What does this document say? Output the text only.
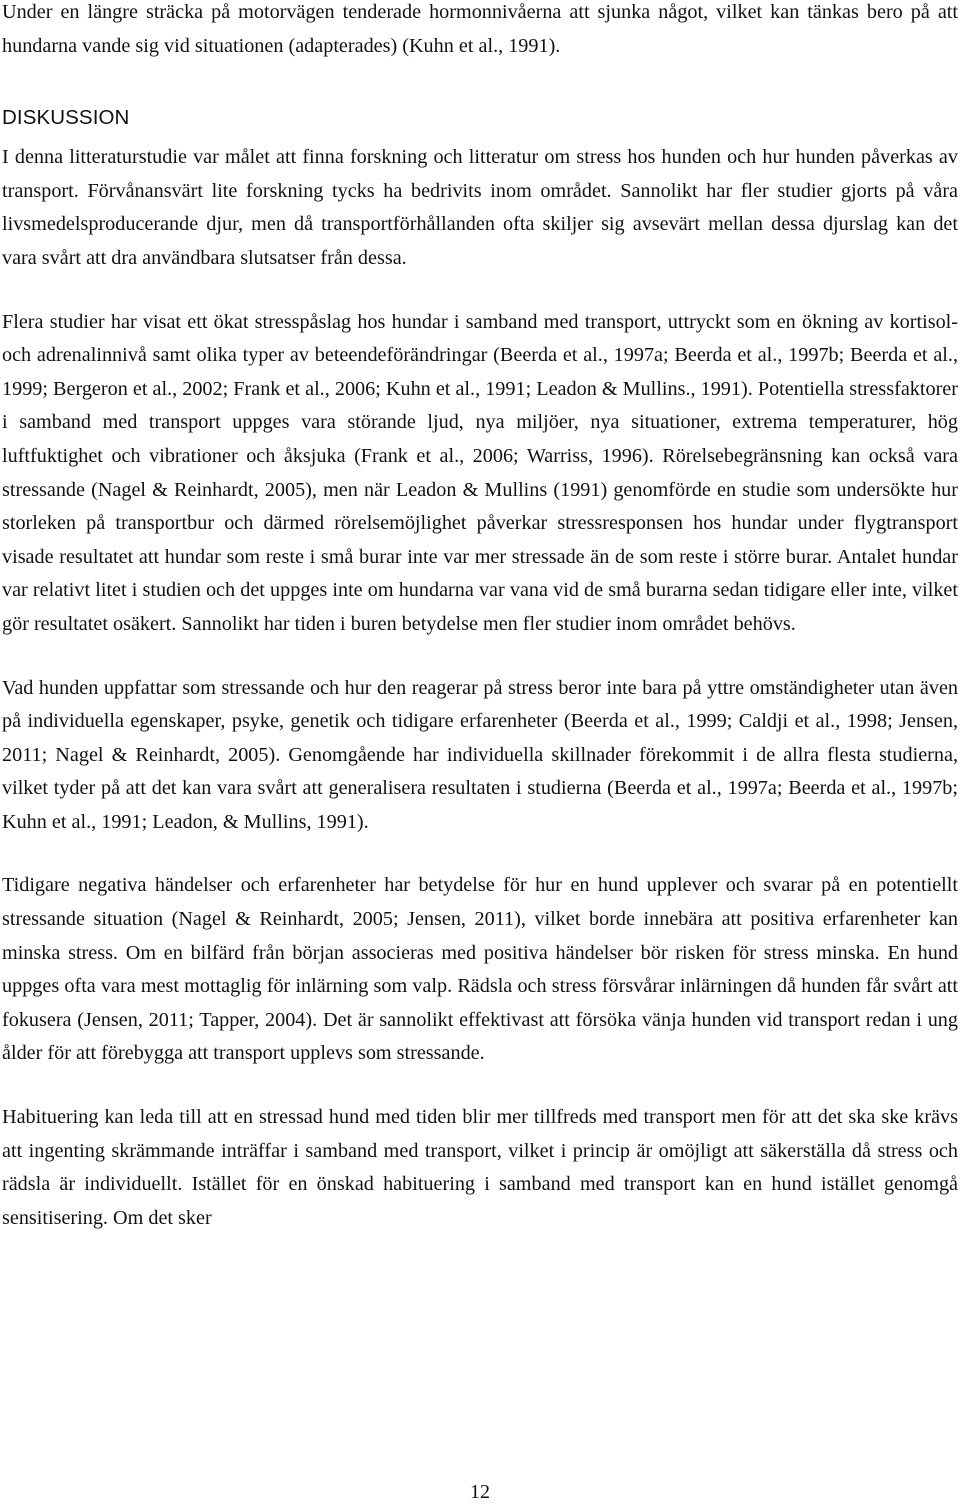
Under en längre sträcka på motorvägen tenderade hormonnivåerna att sjunka något, vilket kan tänkas bero på att hundarna vande sig vid situationen (adapterades) (Kuhn et al., 1991).

DISKUSSION

I denna litteraturstudie var målet att finna forskning och litteratur om stress hos hunden och hur hunden påverkas av transport. Förvånansvärt lite forskning tycks ha bedrivits inom området. Sannolikt har fler studier gjorts på våra livsmedelsproducerande djur, men då transportförhållanden ofta skiljer sig avsevärt mellan dessa djurslag kan det vara svårt att dra användbara slutsatser från dessa.

Flera studier har visat ett ökat stresspåslag hos hundar i samband med transport, uttryckt som en ökning av kortisol- och adrenalinnivå samt olika typer av beteendeförändringar (Beerda et al., 1997a; Beerda et al., 1997b; Beerda et al., 1999; Bergeron et al., 2002; Frank et al., 2006; Kuhn et al., 1991; Leadon & Mullins., 1991). Potentiella stressfaktorer i samband med transport uppges vara störande ljud, nya miljöer, nya situationer, extrema temperaturer, hög luftfuktighet och vibrationer och åksjuka (Frank et al., 2006; Warriss, 1996). Rörelsebegränsning kan också vara stressande (Nagel & Reinhardt, 2005), men när Leadon & Mullins (1991) genomförde en studie som undersökte hur storleken på transportbur och därmed rörelsemöjlighet påverkar stressresponsen hos hundar under flygtransport visade resultatet att hundar som reste i små burar inte var mer stressade än de som reste i större burar. Antalet hundar var relativt litet i studien och det uppges inte om hundarna var vana vid de små burarna sedan tidigare eller inte, vilket gör resultatet osäkert. Sannolikt har tiden i buren betydelse men fler studier inom området behövs.

Vad hunden uppfattar som stressande och hur den reagerar på stress beror inte bara på yttre omständigheter utan även på individuella egenskaper, psyke, genetik och tidigare erfarenheter (Beerda et al., 1999; Caldji et al., 1998; Jensen, 2011; Nagel & Reinhardt, 2005). Genomgående har individuella skillnader förekommit i de allra flesta studierna, vilket tyder på att det kan vara svårt att generalisera resultaten i studierna (Beerda et al., 1997a; Beerda et al., 1997b; Kuhn et al., 1991; Leadon, & Mullins, 1991).

Tidigare negativa händelser och erfarenheter har betydelse för hur en hund upplever och svarar på en potentiellt stressande situation (Nagel & Reinhardt, 2005; Jensen, 2011), vilket borde innebära att positiva erfarenheter kan minska stress. Om en bilfärd från början associeras med positiva händelser bör risken för stress minska. En hund uppges ofta vara mest mottaglig för inlärning som valp. Rädsla och stress försvårar inlärningen då hunden får svårt att fokusera (Jensen, 2011; Tapper, 2004). Det är sannolikt effektivast att försöka vänja hunden vid transport redan i ung ålder för att förebygga att transport upplevs som stressande.

Habituering kan leda till att en stressad hund med tiden blir mer tillfreds med transport men för att det ska ske krävs att ingenting skrämmande inträffar i samband med transport, vilket i princip är omöjligt att säkerställa då stress och rädsla är individuellt. Istället för en önskad habituering i samband med transport kan en hund istället genomgå sensitisering. Om det sker

12
